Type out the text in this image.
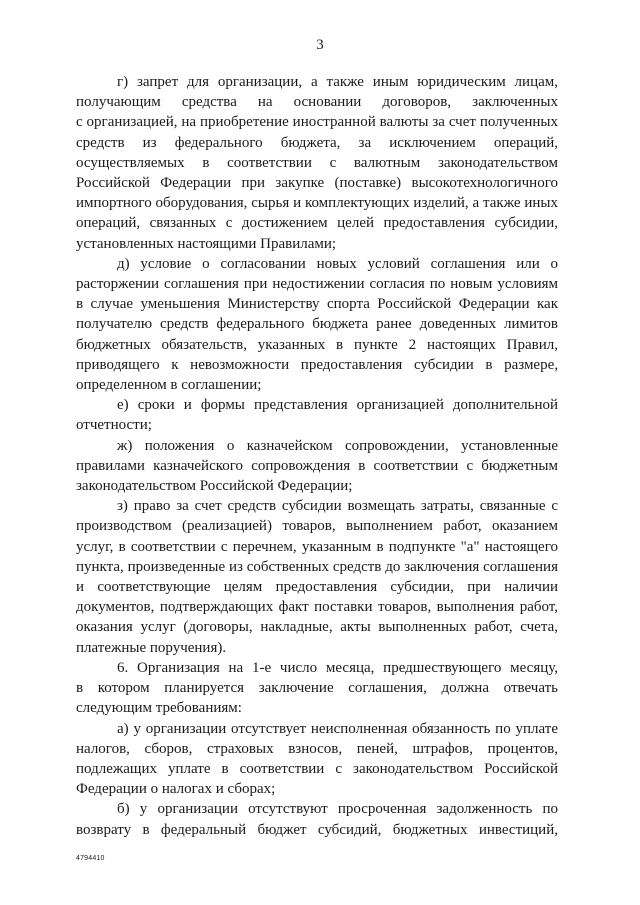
3

г) запрет для организации, а также иным юридическим лицам,
получающим средства на основании договоров, заключенных
с организацией, на приобретение иностранной валюты за счет полученных
средств из федерального бюджета, за исключением операций,
осуществляемых в соответствии с валютным законодательством
Российской Федерации при закупке (поставке) высокотехнологичного
импортного оборудования, сырья и комплектующих изделий, а также иных
операций, связанных с достижением целей предоставления субсидии,
установленных настоящими Правилами;

д) условие о согласовании новых условий соглашения или о
расторжении соглашения при недостижении согласия по новым условиям
в случае уменьшения Министерству спорта Российской Федерации как
получателю средств федерального бюджета ранее доведенных лимитов
бюджетных обязательств, указанных в пункте 2 настоящих Правил,
приводящего к невозможности предоставления субсидии в размере,
определенном в соглашении;

е) сроки и формы представления организацией дополнительной
отчетности;

ж) положения о казначейском сопровождении, установленные
правилами казначейского сопровождения в соответствии с бюджетным
законодательством Российской Федерации;

з) право за счет средств субсидии возмещать затраты, связанные с
производством (реализацией) товаров, выполнением работ, оказанием
услуг, в соответствии с перечнем, указанным в подпункте "а" настоящего
пункта, произведенные из собственных средств до заключения соглашения
и соответствующие целям предоставления субсидии, при наличии
документов, подтверждающих факт поставки товаров, выполнения работ,
оказания услуг (договоры, накладные, акты выполненных работ, счета,
платежные поручения).

6. Организация на 1-е число месяца, предшествующего месяцу,
в котором планируется заключение соглашения, должна отвечать
следующим требованиям:

а) у организации отсутствует неисполненная обязанность по уплате
налогов, сборов, страховых взносов, пеней, штрафов, процентов,
подлежащих уплате в соответствии с законодательством Российской
Федерации о налогах и сборах;

б) у организации отсутствуют просроченная задолженность по
возврату в федеральный бюджет субсидий, бюджетных инвестиций,

4794410
